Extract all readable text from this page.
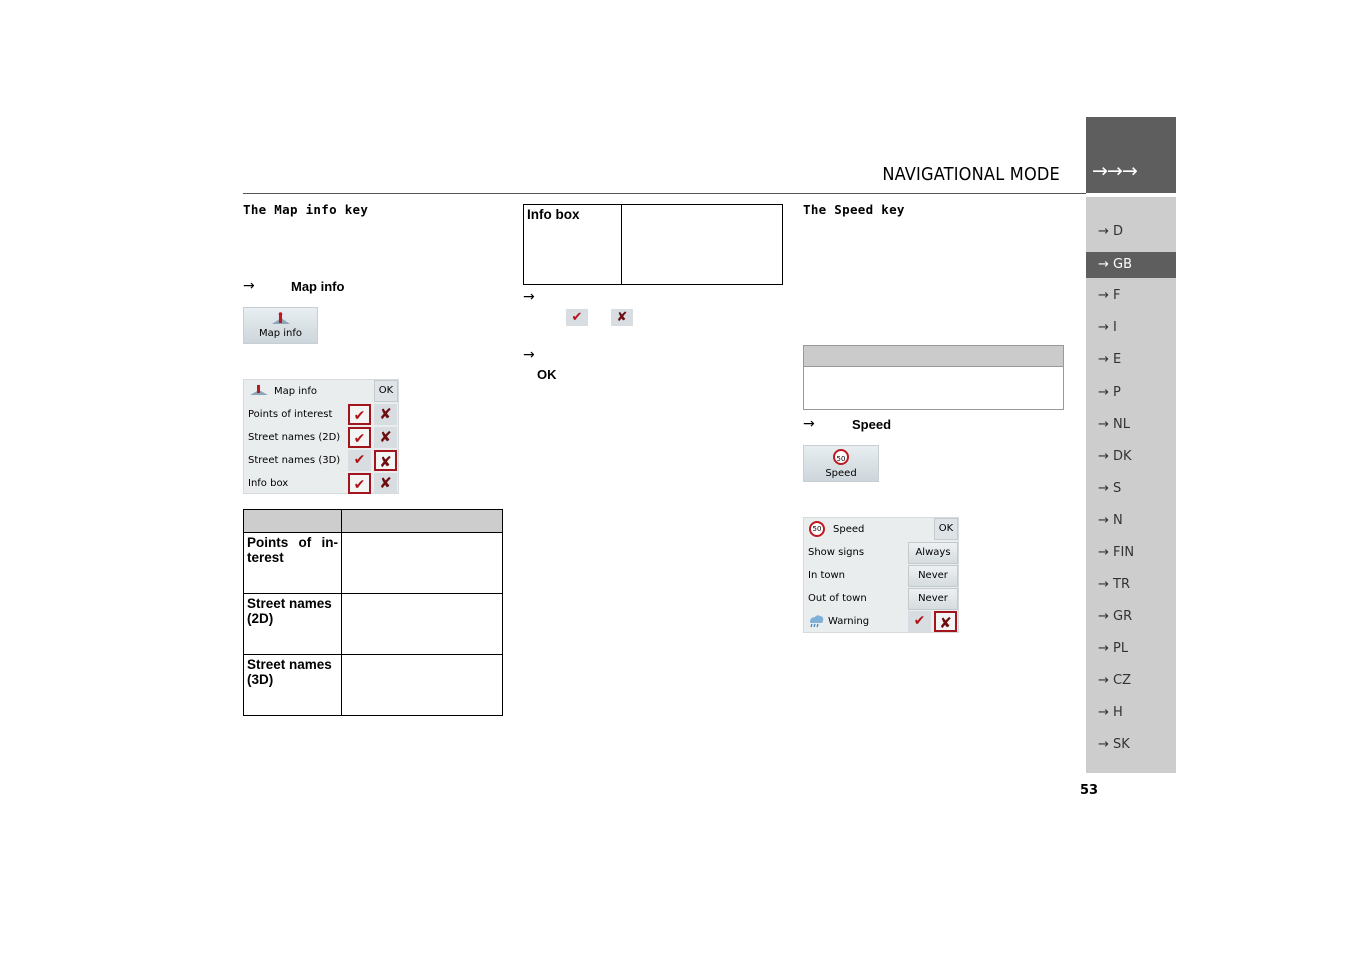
→→→
NAVIGATIONAL MODE
→ D
→ GB
→ F
→ I
→ E
→ P
→ NL
→ DK
→ S
→ N
→ FIN
→ TR
→ GR
→ PL
→ CZ
→ H
→ SK
53
The Map info key
→	Map info
Map info
Map info	OK
Points of interest	✔ ✘
Street names (2D) ✔ ✘
Street names (3D) ✔ ✘
Info box	✔ ✘

Points of in-terest	
Street names (2D)	
Street names (3D)	
Info box	
→
✔	✘
→
OK
The Speed key
→	Speed
50
Speed
50	Speed	OK
Show signs	Always
In town	Never
Out of town	Never
Warning	✔ ✘
